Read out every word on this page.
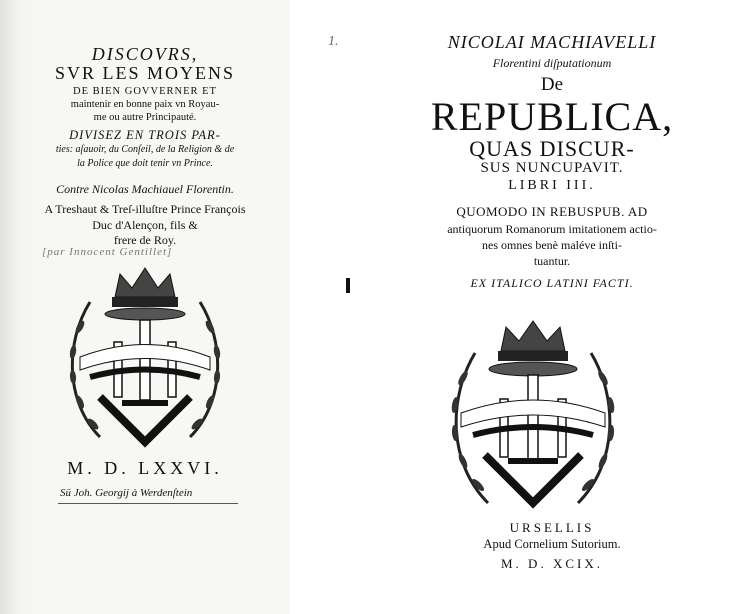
DISCOVRS,
SVR LES MOYENS
DE BIEN GOVVERNER ET
maintenir en bonne paix vn Royau-
me ou autre Principauté.
DIVISEZ EN TROIS PAR-
ties: aſauoir, du Conſeil, de la Religion & de
la Police que doit tenir vn Prince.
Contre Nicolas Machiauel Florentin.
A Treshaut & Treſ-illuſtre Prince François
Duc d'Alençon, fils &
frere de Roy.
[par Innocent Gentillet]
M. D. LXXVI.
Sü Joh. Georgij à Werdenſtein
1.	NICOLAI MACHIAVELLI
Florentini diſputationum
De
REPUBLICA,
QUAS DISCUR-
SUS NUNCUPAVIT.
LIBRI III.
QUOMODO IN REBUSPUB. AD
antiquorum Romanorum imitationem actio-
nes omnes benè maléve inſti-
tuantur.
EX ITALICO LATINI FACTI.
URSELLIS
Apud Cornelium Sutorium.
M. D. XCIX.
